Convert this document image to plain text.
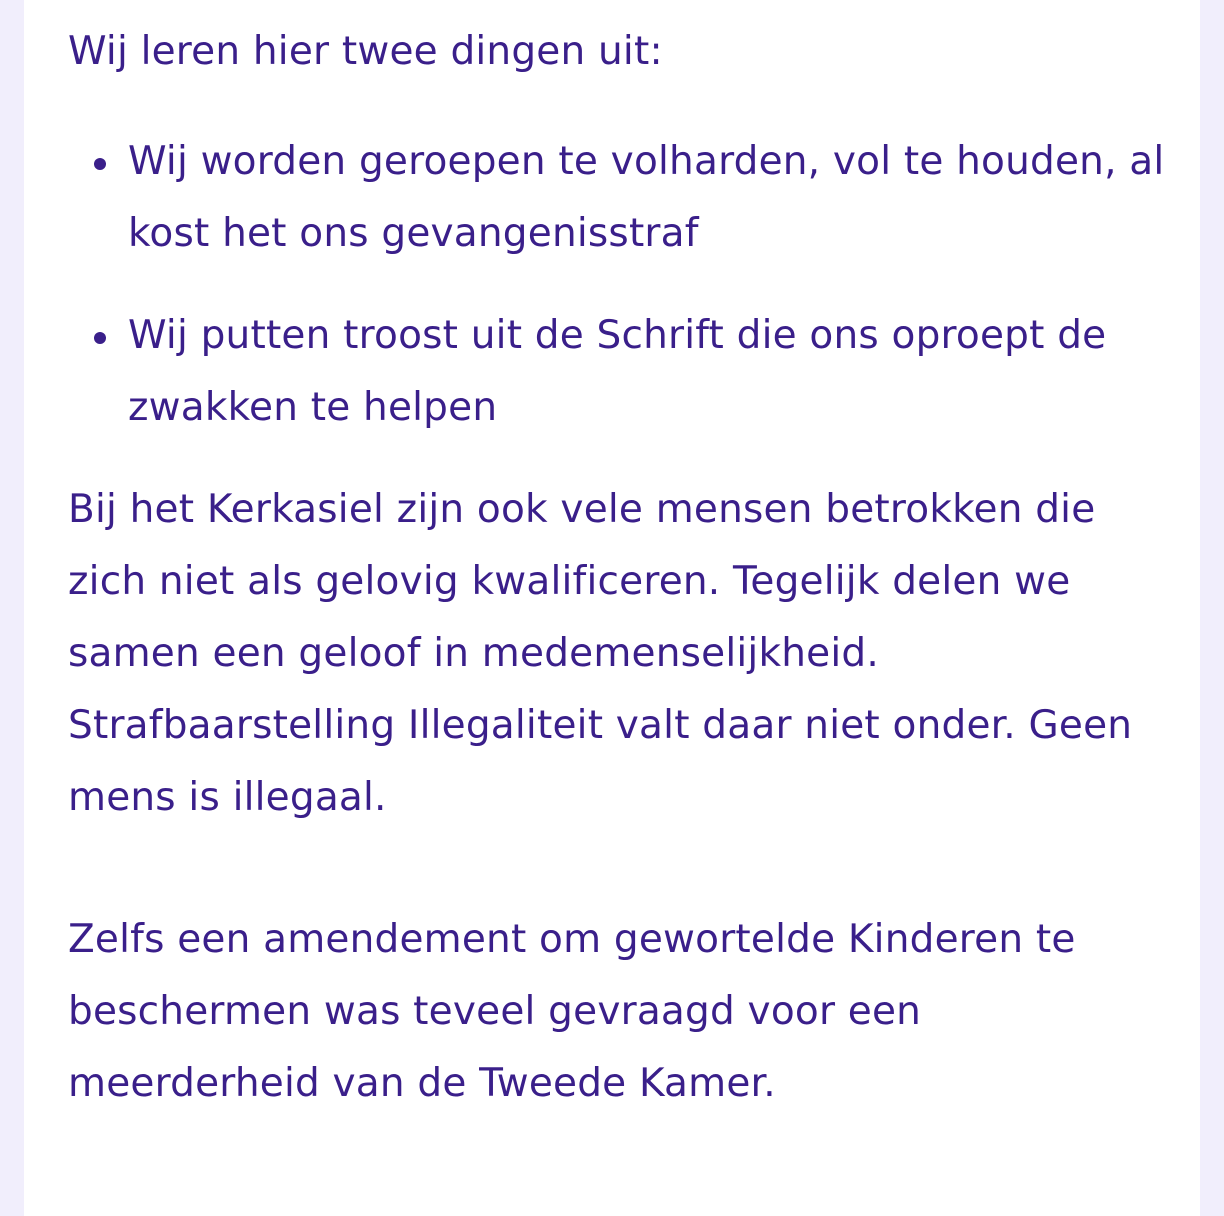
Wij leren hier twee dingen uit:

Wij worden geroepen te volharden, vol te houden, al kost het ons gevangenisstraf
Wij putten troost uit de Schrift die ons oproept de zwakken te helpen

Bij het Kerkasiel zijn ook vele mensen betrokken die zich niet als gelovig kwalificeren. Tegelijk delen we samen een geloof in medemenselijkheid. Strafbaarstelling Illegaliteit valt daar niet onder. Geen mens is illegaal.

Zelfs een amendement om gewortelde Kinderen te beschermen was teveel gevraagd voor een meerderheid van de Tweede Kamer.
